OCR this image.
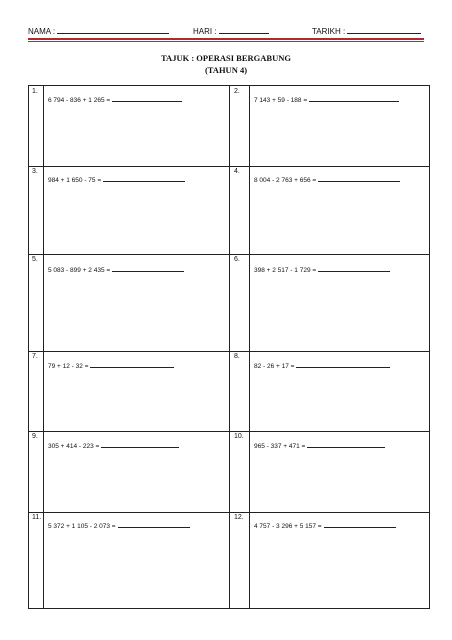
NAMA :	HARI :	TARIKH :
TAJUK : OPERASI BERGABUNG
(TAHUN 4)
1.
6 794 - 836 + 1 265 =
2.
7 143 + 59 - 188 =
3.
984 + 1 650 - 75 =
4.
8 004 - 2 763 + 656 =
5.
5 083 - 899 + 2 435 =
6.
398 + 2 517 - 1 729 =
7.
79 + 12 - 32 =
8.
82 - 26 + 17 =
9.
305 + 414 - 223 =
10.
965 - 337 + 471 =
11.
5 372 + 1 105 - 2 073 =
12.
4 757 - 3 296 + 5 157 =
